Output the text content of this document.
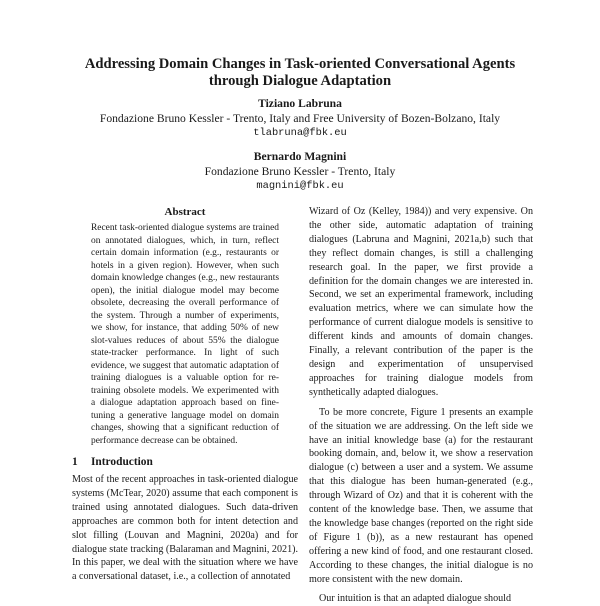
Addressing Domain Changes in Task-oriented Conversational Agents
through Dialogue Adaptation
Tiziano Labruna
Fondazione Bruno Kessler - Trento, Italy and Free University of Bozen-Bolzano, Italy
tlabruna@fbk.eu
Bernardo Magnini
Fondazione Bruno Kessler - Trento, Italy
magnini@fbk.eu
Abstract
Recent task-oriented dialogue systems are trained on annotated dialogues, which, in turn, reflect certain domain information (e.g., restaurants or hotels in a given region). However, when such domain knowledge changes (e.g., new restaurants open), the initial dialogue model may become obsolete, decreasing the overall performance of the system. Through a number of experiments, we show, for instance, that adding 50% of new slot-values reduces of about 55% the dialogue state-tracker performance. In light of such evidence, we suggest that automatic adaptation of training dialogues is a valuable option for re-training obsolete models. We experimented with a dialogue adaptation approach based on fine-tuning a generative language model on domain changes, showing that a significant reduction of performance decrease can be obtained.
1 Introduction

Most of the recent approaches in task-oriented dialogue systems (McTear, 2020) assume that each component is trained using annotated dialogues. Such data-driven approaches are common both for intent detection and slot filling (Louvan and Magnini, 2020a) and for dialogue state tracking (Balaraman and Magnini, 2021). In this paper, we deal with the situation where we have a conversational dataset, i.e., a collection of annotated

Wizard of Oz (Kelley, 1984)) and very expensive. On the other side, automatic adaptation of training dialogues (Labruna and Magnini, 2021a,b) such that they reflect domain changes, is still a challenging research goal. In the paper, we first provide a definition for the domain changes we are interested in. Second, we set an experimental framework, including evaluation metrics, where we can simulate how the performance of current dialogue models is sensitive to different kinds and amounts of domain changes. Finally, a relevant contribution of the paper is the design and experimentation of unsupervised approaches for training dialogue models from synthetically adapted dialogues.

To be more concrete, Figure 1 presents an example of the situation we are addressing. On the left side we have an initial knowledge base (a) for the restaurant booking domain, and, below it, we show a reservation dialogue (c) between a user and a system. We assume that this dialogue has been human-generated (e.g., through Wizard of Oz) and that it is coherent with the content of the knowledge base. Then, we assume that the knowledge base changes (reported on the right side of Figure 1 (b)), as a new restaurant has opened offering a new kind of food, and one restaurant closed. According to these changes, the initial dialogue is no more consistent with the new domain.

Our intuition is that an adapted dialogue should
